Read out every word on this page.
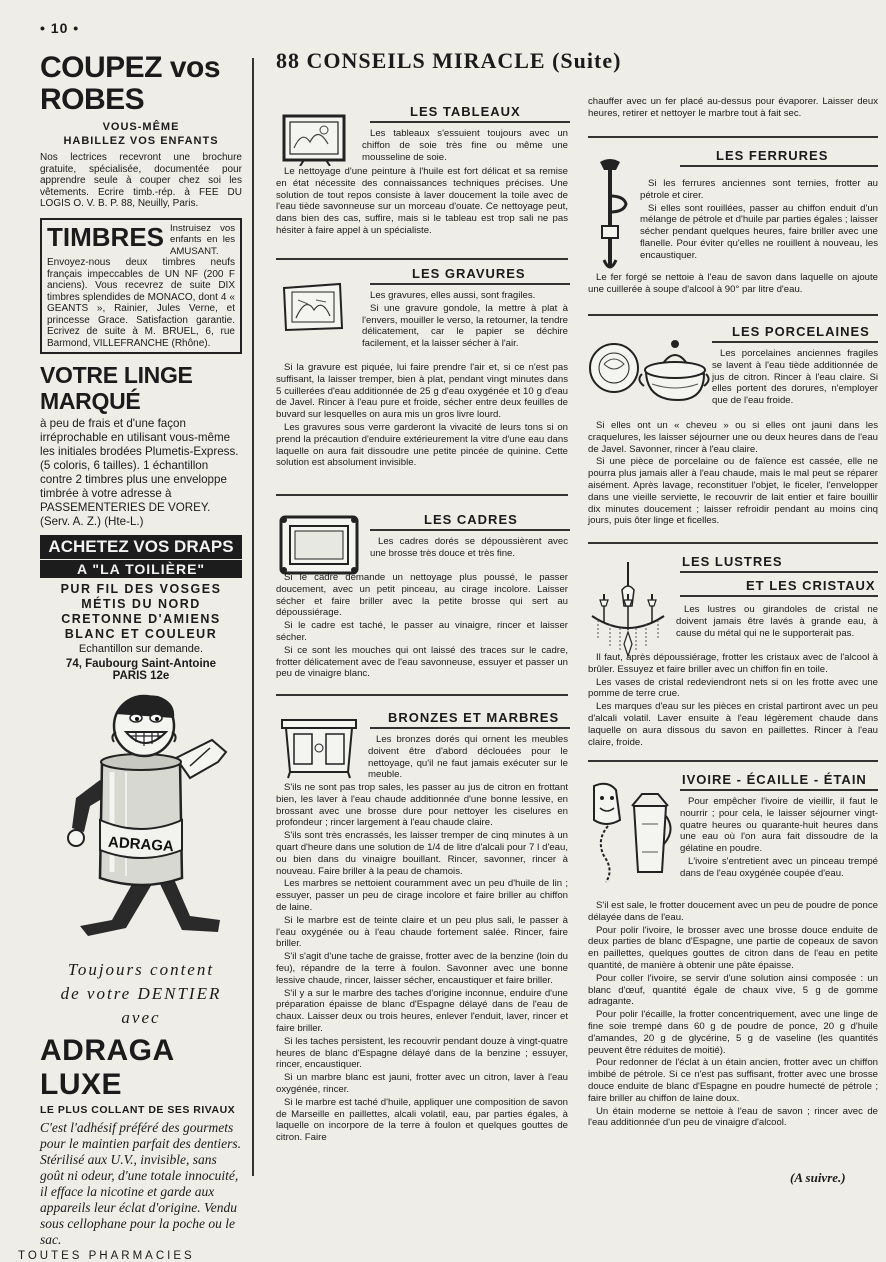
• 10 •
COUPEZ vos ROBES
VOUS-MÊME
HABILLEZ VOS ENFANTS
Nos lectrices recevront une brochure gratuite, spécialisée, documentée pour apprendre seule à couper chez soi les vêtements. Ecrire timb.-rép. à FEE DU LOGIS O. V. B. P. 88, Neuilly, Paris.
TIMBRES Instruisez vos enfants en les AMUSANT.
Envoyez-nous deux timbres neufs français impeccables de UN NF (200 F anciens). Vous recevrez de suite DIX timbres splendides de MONACO, dont 4 « GEANTS », Rainier, Jules Verne, et princesse Grace. Satisfaction garantie. Ecrivez de suite à M. BRUEL, 6, rue Barmond, VILLEFRANCHE (Rhône).
VOTRE LINGE MARQUÉ
à peu de frais et d'une façon irréprochable en utilisant vous-même les initiales brodées Plumetis-Express. (5 coloris, 6 tailles). 1 échantillon contre 2 timbres plus une enveloppe timbrée à votre adresse à PASSEMENTERIES DE VOREY. (Serv. A. Z.) (Hte-L.)
ACHETEZ VOS DRAPS
A "LA TOILIÈRE"
PUR FIL DES VOSGES
MÉTIS DU NORD
CRETONNE D'AMIENS
BLANC ET COULEUR
Echantillon sur demande.
74, Faubourg Saint-Antoine
PARIS 12e
ADRAGA
Toujours content
de votre DENTIER
avec
ADRAGA LUXE
LE PLUS COLLANT DE SES RIVAUX
C'est l'adhésif préféré des gourmets pour le maintien parfait des dentiers. Stérilisé aux U.V., invisible, sans goût ni odeur, d'une totale innocuité, il efface la nicotine et garde aux appareils leur éclat d'origine. Vendu sous cellophane pour la poche ou le sac.
TOUTES PHARMACIES
88 CONSEILS MIRACLE (Suite)
LES TABLEAUX

Les tableaux s'essuient toujours avec un chiffon de soie très fine ou même une mousseline de soie.

Le nettoyage d'une peinture à l'huile est fort délicat et sa remise en état nécessite des connaissances techniques précises. Une solution de tout repos consiste à laver doucement la toile avec de l'eau tiède savonneuse sur un morceau d'ouate. Ce nettoyage peut, dans bien des cas, suffire, mais si le tableau est trop sali ne pas hésiter à faire appel à un spécialiste.

LES GRAVURES

Les gravures, elles aussi, sont fragiles.

Si une gravure gondole, la mettre à plat à l'envers, mouiller le verso, la retourner, la tendre délicatement, car le papier se déchire facilement, et la laisser sécher à l'air.

Si la gravure est piquée, lui faire prendre l'air et, si ce n'est pas suffisant, la laisser tremper, bien à plat, pendant vingt minutes dans 5 cuillerées d'eau additionnée de 25 g d'eau oxygénée et 10 g d'eau de Javel. Rincer à l'eau pure et froide, sécher entre deux feuilles de buvard sur lesquelles on aura mis un gros livre lourd.

Les gravures sous verre garderont la vivacité de leurs tons si on prend la précaution d'enduire extérieurement la vitre d'une eau dans laquelle on aura fait dissoudre une petite pincée de quinine. Cette solution est absolument invisible.

LES CADRES

Les cadres dorés se dépoussièrent avec une brosse très douce et très fine.

Si le cadre demande un nettoyage plus poussé, le passer doucement, avec un petit pinceau, au cirage incolore. Laisser sécher et faire briller avec la petite brosse qui sert au dépoussiérage.

Si le cadre est taché, le passer au vinaigre, rincer et laisser sécher.

Si ce sont les mouches qui ont laissé des traces sur le cadre, frotter délicatement avec de l'eau savonneuse, essuyer et passer un peu de vinaigre blanc.

BRONZES ET MARBRES

Les bronzes dorés qui ornent les meubles doivent être d'abord déclouées pour le nettoyage, qu'il ne faut jamais exécuter sur le meuble.

S'ils ne sont pas trop sales, les passer au jus de citron en frottant bien, les laver à l'eau chaude additionnée d'une bonne lessive, en brossant avec une brosse dure pour nettoyer les ciselures en profondeur ; rincer largement à l'eau chaude claire.

S'ils sont très encrassés, les laisser tremper de cinq minutes à un quart d'heure dans une solution de 1/4 de litre d'alcali pour 7 l d'eau, ou bien dans du vinaigre bouillant. Rincer, savonner, rincer à nouveau. Faire briller à la peau de chamois.

Les marbres se nettoient couramment avec un peu d'huile de lin ; essuyer, passer un peu de cirage incolore et faire briller au chiffon de laine.

Si le marbre est de teinte claire et un peu plus sali, le passer à l'eau oxygénée ou à l'eau chaude fortement salée. Rincer, faire briller.

S'il s'agit d'une tache de graisse, frotter avec de la benzine (loin du feu), répandre de la terre à foulon. Savonner avec une bonne lessive chaude, rincer, laisser sécher, encaustiquer et faire briller.

S'il y a sur le marbre des taches d'origine inconnue, enduire d'une préparation épaisse de blanc d'Espagne délayé dans de l'eau de chaux. Laisser deux ou trois heures, enlever l'enduit, laver, rincer et faire briller.

Si les taches persistent, les recouvrir pendant douze à vingt-quatre heures de blanc d'Espagne délayé dans de la benzine ; essuyer, rincer, encaustiquer.

Si un marbre blanc est jauni, frotter avec un citron, laver à l'eau oxygénée, rincer.

Si le marbre est taché d'huile, appliquer une composition de savon de Marseille en paillettes, alcali volatil, eau, par parties égales, à laquelle on incorpore de la terre à foulon et quelques gouttes de citron. Faire

chauffer avec un fer placé au-dessus pour évaporer. Laisser deux heures, retirer et nettoyer le marbre tout à fait sec.

LES FERRURES

Si les ferrures anciennes sont ternies, frotter au pétrole et cirer.

Si elles sont rouillées, passer au chiffon enduit d'un mélange de pétrole et d'huile par parties égales ; laisser sécher pendant quelques heures, faire briller avec une flanelle. Pour éviter qu'elles ne rouillent à nouveau, les encaustiquer.

Le fer forgé se nettoie à l'eau de savon dans laquelle on ajoute une cuillerée à soupe d'alcool à 90° par litre d'eau.

LES PORCELAINES

Les porcelaines anciennes fragiles se lavent à l'eau tiède additionnée de jus de citron. Rincer à l'eau claire. Si elles portent des dorures, n'employer que de l'eau froide.

Si elles ont un « cheveu » ou si elles ont jauni dans les craquelures, les laisser séjourner une ou deux heures dans de l'eau de Javel. Savonner, rincer à l'eau claire.

Si une pièce de porcelaine ou de faïence est cassée, elle ne pourra plus jamais aller à l'eau chaude, mais le mal peut se réparer aisément. Après lavage, reconstituer l'objet, le ficeler, l'envelopper dans une vieille serviette, le recouvrir de lait entier et faire bouillir dix minutes doucement ; laisser refroidir pendant au moins cinq jours, puis ôter linge et ficelles.

LES LUSTRES
ET LES CRISTAUX

Les lustres ou girandoles de cristal ne doivent jamais être lavés à grande eau, à cause du métal qui ne le supporterait pas.

Il faut, après dépoussiérage, frotter les cristaux avec de l'alcool à brûler. Essuyez et faire briller avec un chiffon fin en toile.

Les vases de cristal redeviendront nets si on les frotte avec une pomme de terre crue.

Les marques d'eau sur les pièces en cristal partiront avec un peu d'alcali volatil. Laver ensuite à l'eau légèrement chaude dans laquelle on aura dissous du savon en paillettes. Rincer à l'eau claire, froide.

IVOIRE - ÉCAILLE - ÉTAIN

Pour empêcher l'ivoire de vieillir, il faut le nourrir ; pour cela, le laisser séjourner vingt-quatre heures ou quarante-huit heures dans une eau où l'on aura fait dissoudre de la gélatine en poudre.

L'ivoire s'entretient avec un pinceau trempé dans de l'eau oxygénée coupée d'eau.

S'il est sale, le frotter doucement avec un peu de poudre de ponce délayée dans de l'eau.

Pour polir l'ivoire, le brosser avec une brosse douce enduite de deux parties de blanc d'Espagne, une partie de copeaux de savon en paillettes, quelques gouttes de citron dans de l'eau en petite quantité, de manière à obtenir une pâte épaisse.

Pour coller l'ivoire, se servir d'une solution ainsi composée : un blanc d'œuf, quantité égale de chaux vive, 5 g de gomme adragante.

Pour polir l'écaille, la frotter concentriquement, avec une linge de fine soie trempé dans 60 g de poudre de ponce, 20 g d'huile d'amandes, 20 g de glycérine, 5 g de vaseline (les quantités peuvent être réduites de moitié).

Pour redonner de l'éclat à un étain ancien, frotter avec un chiffon imbibé de pétrole. Si ce n'est pas suffisant, frotter avec une brosse douce enduite de blanc d'Espagne en poudre humecté de pétrole ; faire briller au chiffon de laine doux.

Un étain moderne se nettoie à l'eau de savon ; rincer avec de l'eau additionnée d'un peu de vinaigre d'alcool.

(A suivre.)
